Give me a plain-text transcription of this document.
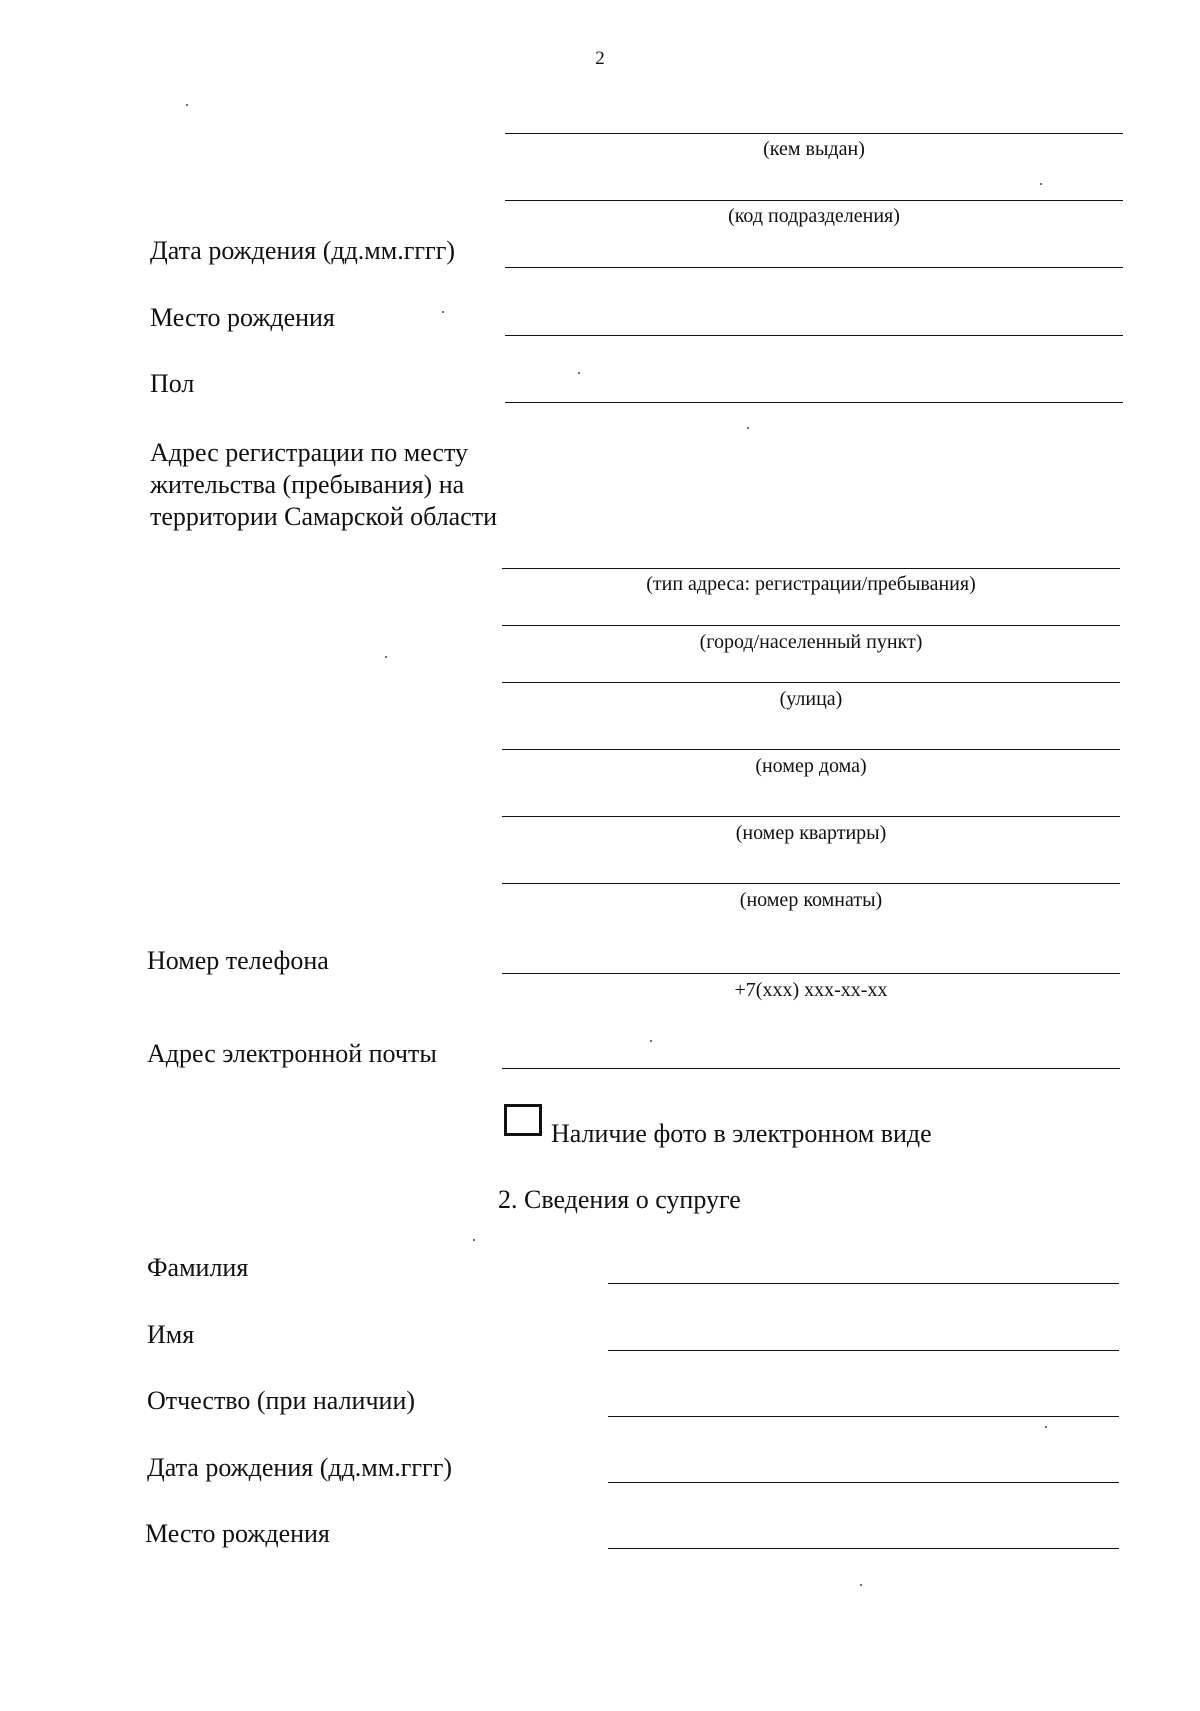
2
(кем выдан)
(код подразделения)
Дата рождения (дд.мм.гггг)
Место рождения
Пол
Адрес регистрации по месту жительства (пребывания) на территории Самарской области
(тип адреса: регистрации/пребывания)
(город/населенный пункт)
(улица)
(номер дома)
(номер квартиры)
(номер комнаты)
Номер телефона
+7(xxx) xxx-xx-xx
Адрес электронной почты
Наличие фото в электронном виде
2. Сведения о супруге
Фамилия
Имя
Отчество (при наличии)
Дата рождения (дд.мм.гггг)
Место рождения
